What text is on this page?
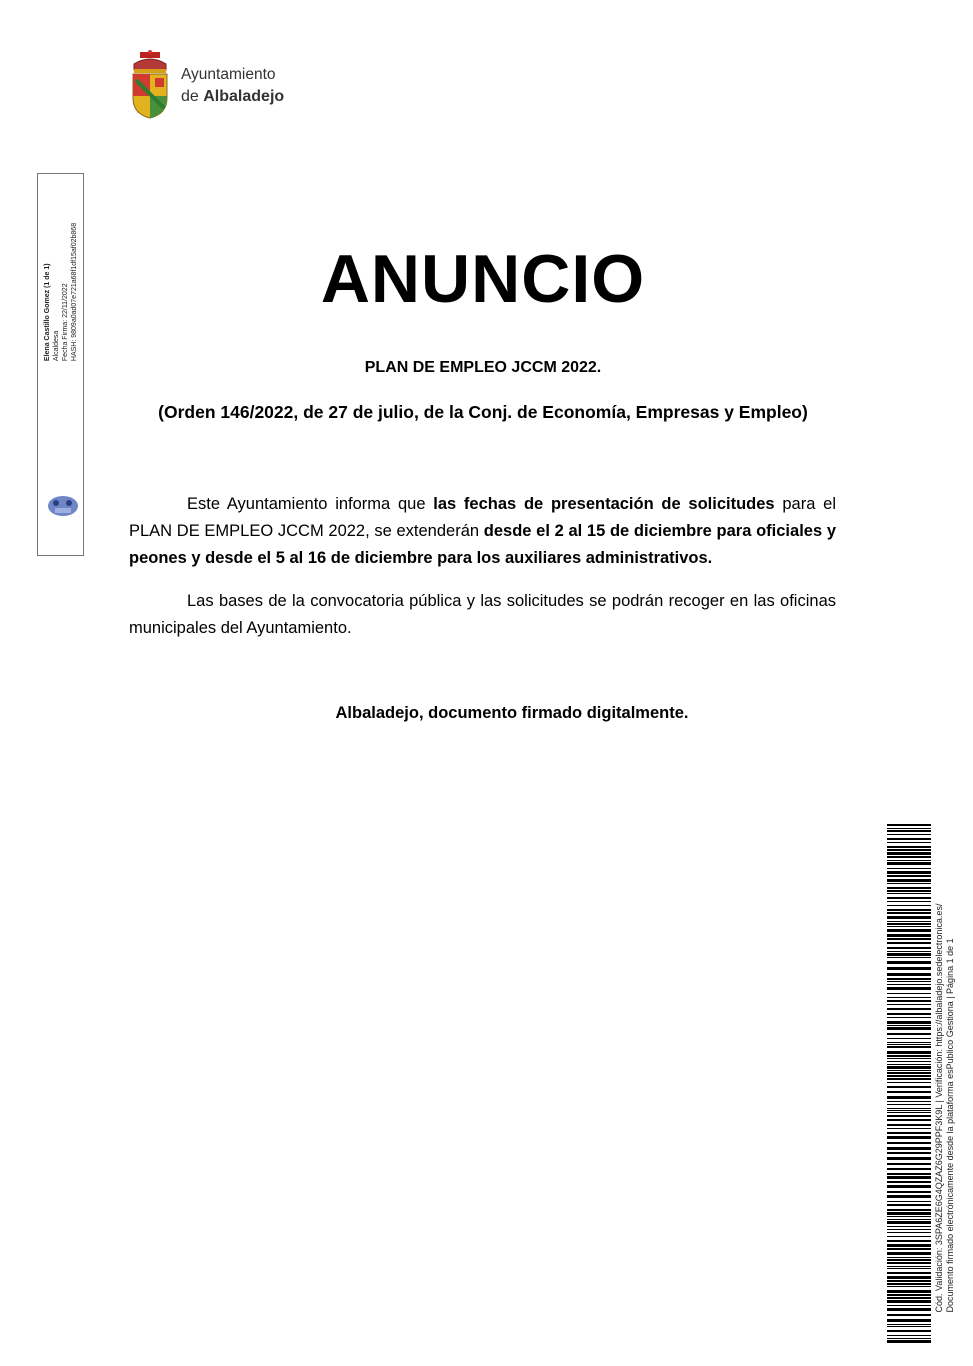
Ayuntamiento
de Albaladejo
Elena Castillo Gomez (1 de 1) Alcaldesa Fecha Firma: 22/11/2022 HASH: 9809a0ad07e721a68f1df15af02b868	ANUNCIO
PLAN DE EMPLEO JCCM 2022.
(Orden 146/2022, de 27 de julio, de la Conj. de Economía, Empresas y Empleo)
Este Ayuntamiento informa que las fechas de presentación de solicitudes para el PLAN DE EMPLEO JCCM 2022, se extenderán desde el 2 al 15 de diciembre para oficiales y peones y desde el 5 al 16 de diciembre para los auxiliares administrativos.
Las bases de la convocatoria pública y las solicitudes se podrán recoger en las oficinas municipales del Ayuntamiento.
Albaladejo, documento firmado digitalmente.
Cód. Validación: 3SPA6ZE6G4QZAZ6G29PPF3K9L | Verificación: https://albaladejo.sedelectronica.es/ Documento firmado electrónicamente desde la plataforma esPublico Gestiona | Página 1 de 1
